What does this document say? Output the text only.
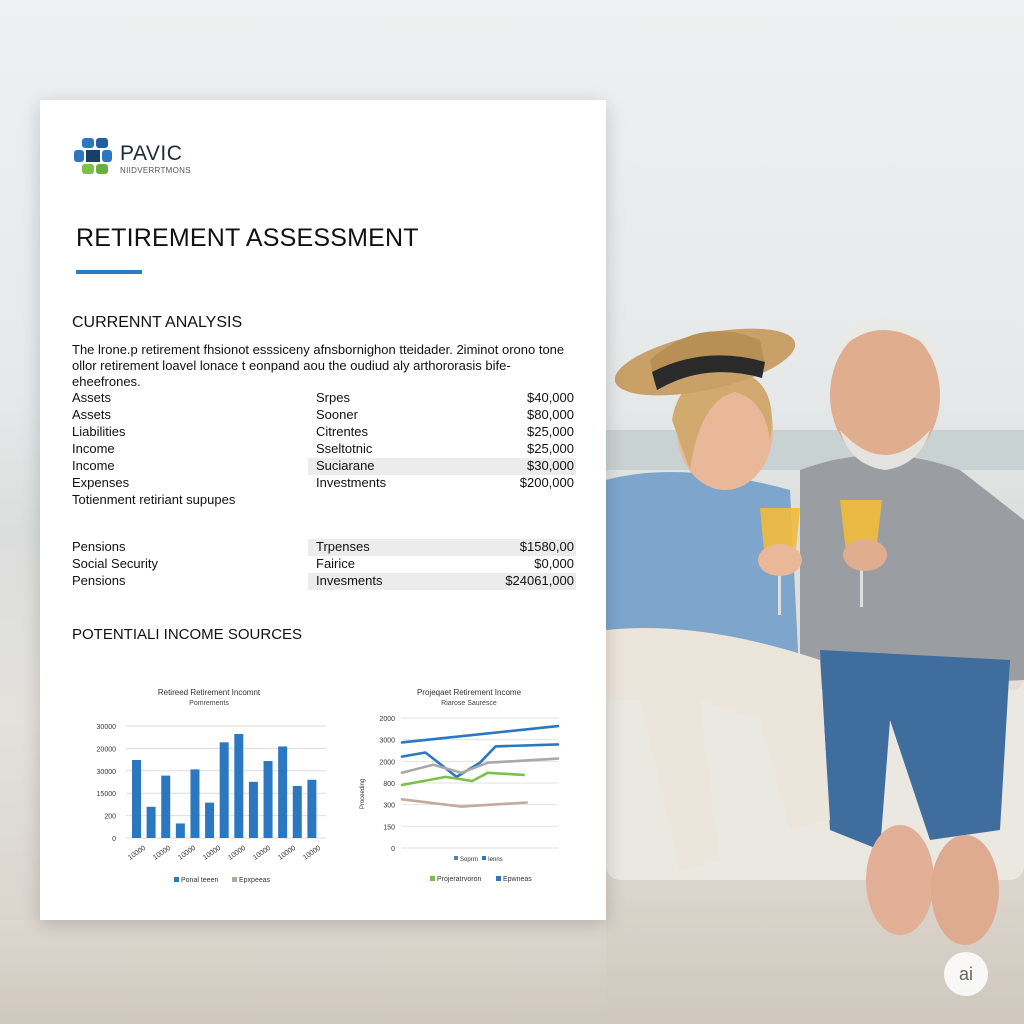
PAVIC
NIIDVERRTMONS
RETIREMENT ASSESSMENT
CURRENNT ANALYSIS
The lrone.p retirement fhsionot esssiceny afnsbornighon tteidader. 2iminot orono tone ollor retirement loavel lonace t eonpand aou the oudiud aly arthororasis bife-eheefrones.
Assets	Srpes	$40,000
Assets	Sooner	$80,000
Liabilities	Citrentes	$25,000
Income	Sseltotnic	$25,000
Income	Suciarane	$30,000
Expenses	Investments	$200,000
Totienment retiriant supupes
Pensions	Trpenses	$1580,00
Social Security	Fairice	$0,000
Pensions	Invesments	$24061,000
POTENTIALI INCOME SOURCES
Retireed Retirement Incomnt
Pomrements
30000
20000
30000
15000
200
0
10000 10000 10000 10000 10000 10000 10000 10000
Ponal teeen	Epxpeeas
Projeqaet Retirement Income
Riarose Sauresce
2000
3000
2000
800
300
150
0
Proceeding
Soprrn Ienns
Projeratrvoron	Epwneas
ai
